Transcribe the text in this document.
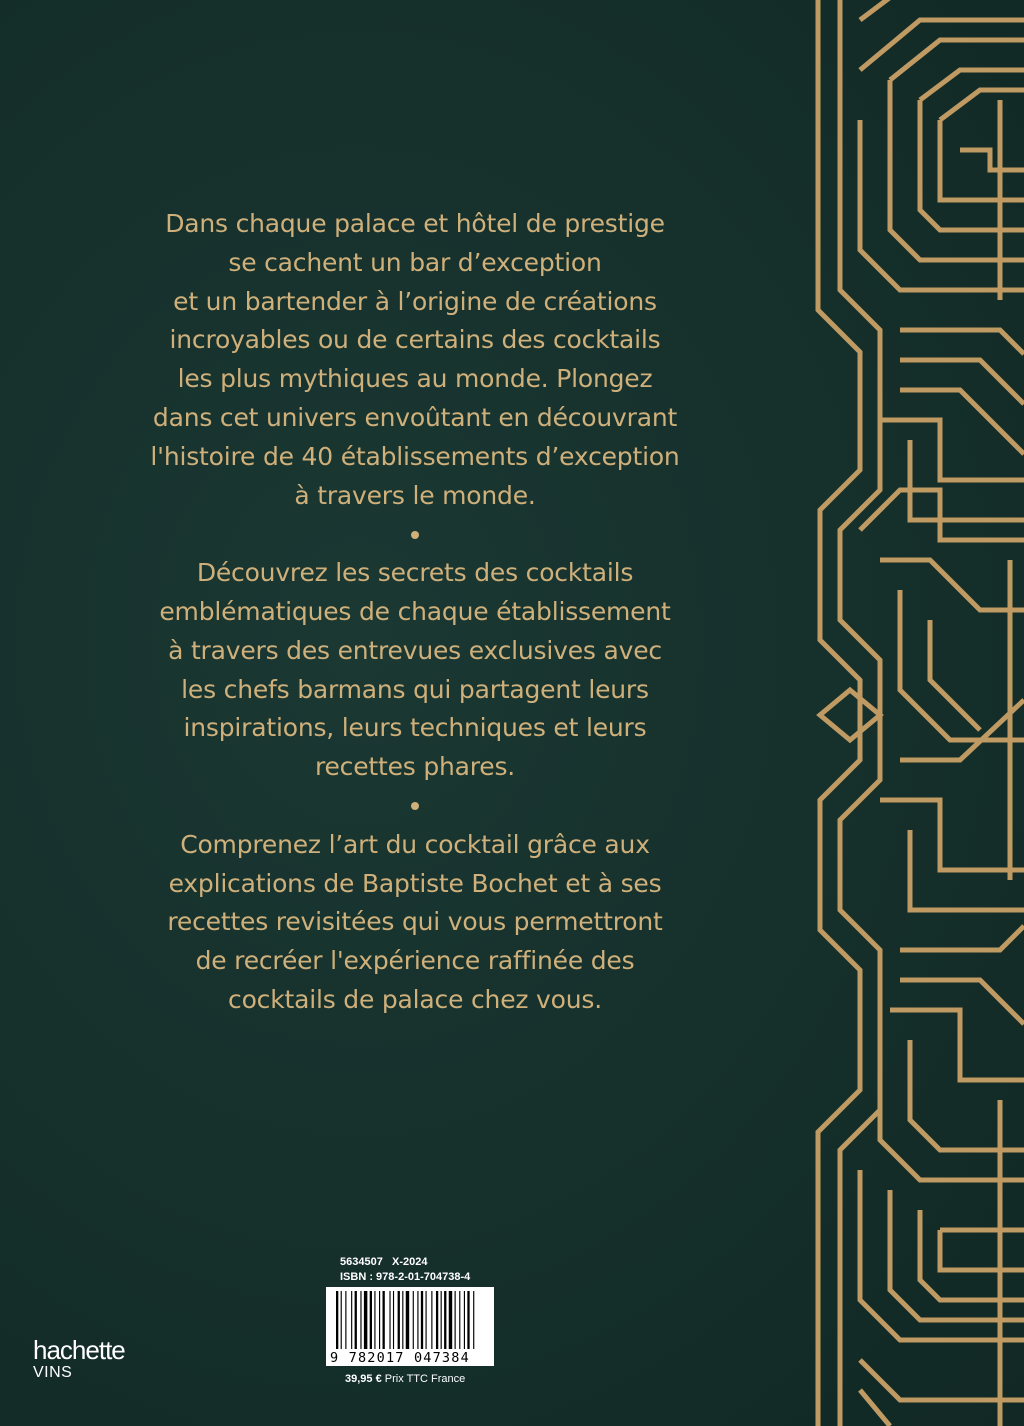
Dans chaque palace et hôtel de prestige
se cachent un bar d’exception
et un bartender à l’origine de créations
incroyables ou de certains des cocktails
les plus mythiques au monde. Plongez
dans cet univers envoûtant en découvrant
l'histoire de 40 établissements d’exception
à travers le monde.

Découvrez les secrets des cocktails
emblématiques de chaque établissement
à travers des entrevues exclusives avec
les chefs barmans qui partagent leurs
inspirations, leurs techniques et leurs
recettes phares.

Comprenez l’art du cocktail grâce aux
explications de Baptiste Bochet et à ses
recettes revisitées qui vous permettront
de recréer l'expérience raffinée des
cocktails de palace chez vous.

hachette
VINS
5634507 X-2024
ISBN : 978-2-01-704738-4
9 782017 047384
39,95 € Prix TTC France
